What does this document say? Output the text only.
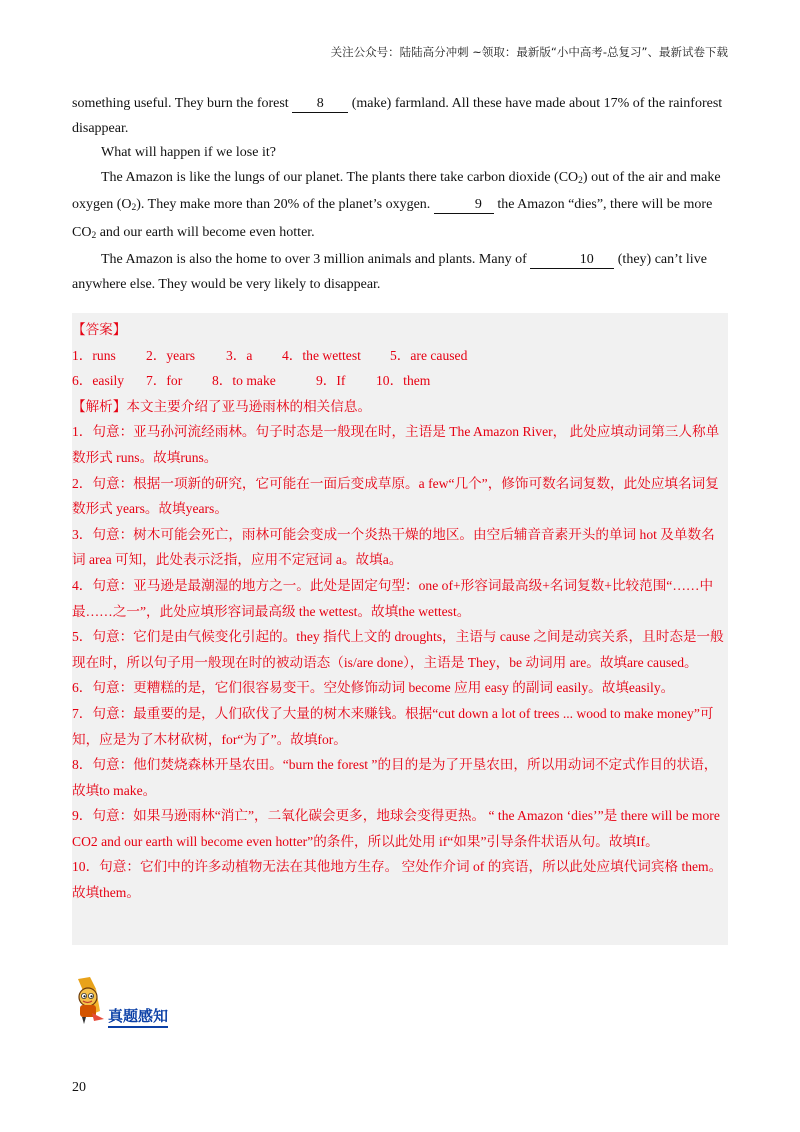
关注公众号：陆陆高分冲刺 ~领取：最新版“小中高考-总复习”、最新试卷下载

something useful. They burn the forest 8 (make) farmland. All these have made about 17% of the rainforest disappear.

What will happen if we lose it?

The Amazon is like the lungs of our planet. The plants there take carbon dioxide $(CO_2)$ out of the air and make oxygen $(O_2)$. They make more than 20% of the planet’s oxygen.	9 the Amazon “dies”, there will be more $CO_2$ and our earth will become even hotter.

The Amazon is also the home to over 3 million animals and plants. Many of	10 (they) can’t live anywhere else. They would be very likely to disappear.

【答案】
1．runs 2．years 3．a 4．the wettest 5．are caused
6．easily 7．for 8．to make	9．If 10．them
【解析】本文主要介绍了亚马逊雨林的相关信息。
1．句意：亚马孙河流经雨林。句子时态是一般现在时，主语是 The Amazon River， 此处应填动词第三人称单数形式 runs。故填runs。
2．句意：根据一项新的研究，它可能在一面后变成草原。a few“几个”，修饰可数名词复数，此处应填名词复数形式 years。故填years。
3．句意：树木可能会死亡，雨林可能会变成一个炎热干燥的地区。由空后辅音音素开头的单词 hot 及单数名词 area 可知，此处表示泛指，应用不定冠词 a。故填a。
4．句意：亚马逊是最潮湿的地方之一。此处是固定句型：one of+形容词最高级+名词复数+比较范围“……中最……之一”，此处应填形容词最高级 the wettest。故填the wettest。
5．句意：它们是由气候变化引起的。they 指代上文的 droughts，主语与 cause 之间是动宾关系，且时态是一般现在时，所以句子用一般现在时的被动语态（is/are done），主语是 They，be 动词用 are。故填are caused。
6．句意：更糟糕的是，它们很容易变干。空处修饰动词 become 应用 easy 的副词 easily。故填easily。
7．句意：最重要的是，人们砍伐了大量的树木来赚钱。根据“cut down a lot of trees ... wood to make money”可知，应是为了木材砍树，for“为了”。故填for。
8．句意：他们焚烧森林开垦农田。“burn the forest ”的目的是为了开垦农田，所以用动词不定式作目的状语，故填to make。
9．句意：如果马逊雨林“消亡”，二氧化碳会更多，地球会变得更热。 “ the Amazon ‘dies’”是 there will be more CO2 and our earth will become even hotter”的条件，所以此处用 if“如果”引导条件状语从句。故填If。
10．句意：它们中的许多动植物无法在其他地方生存。 空处作介词 of 的宾语，所以此处应填代词宾格 them。故填them。
真题感知
20
